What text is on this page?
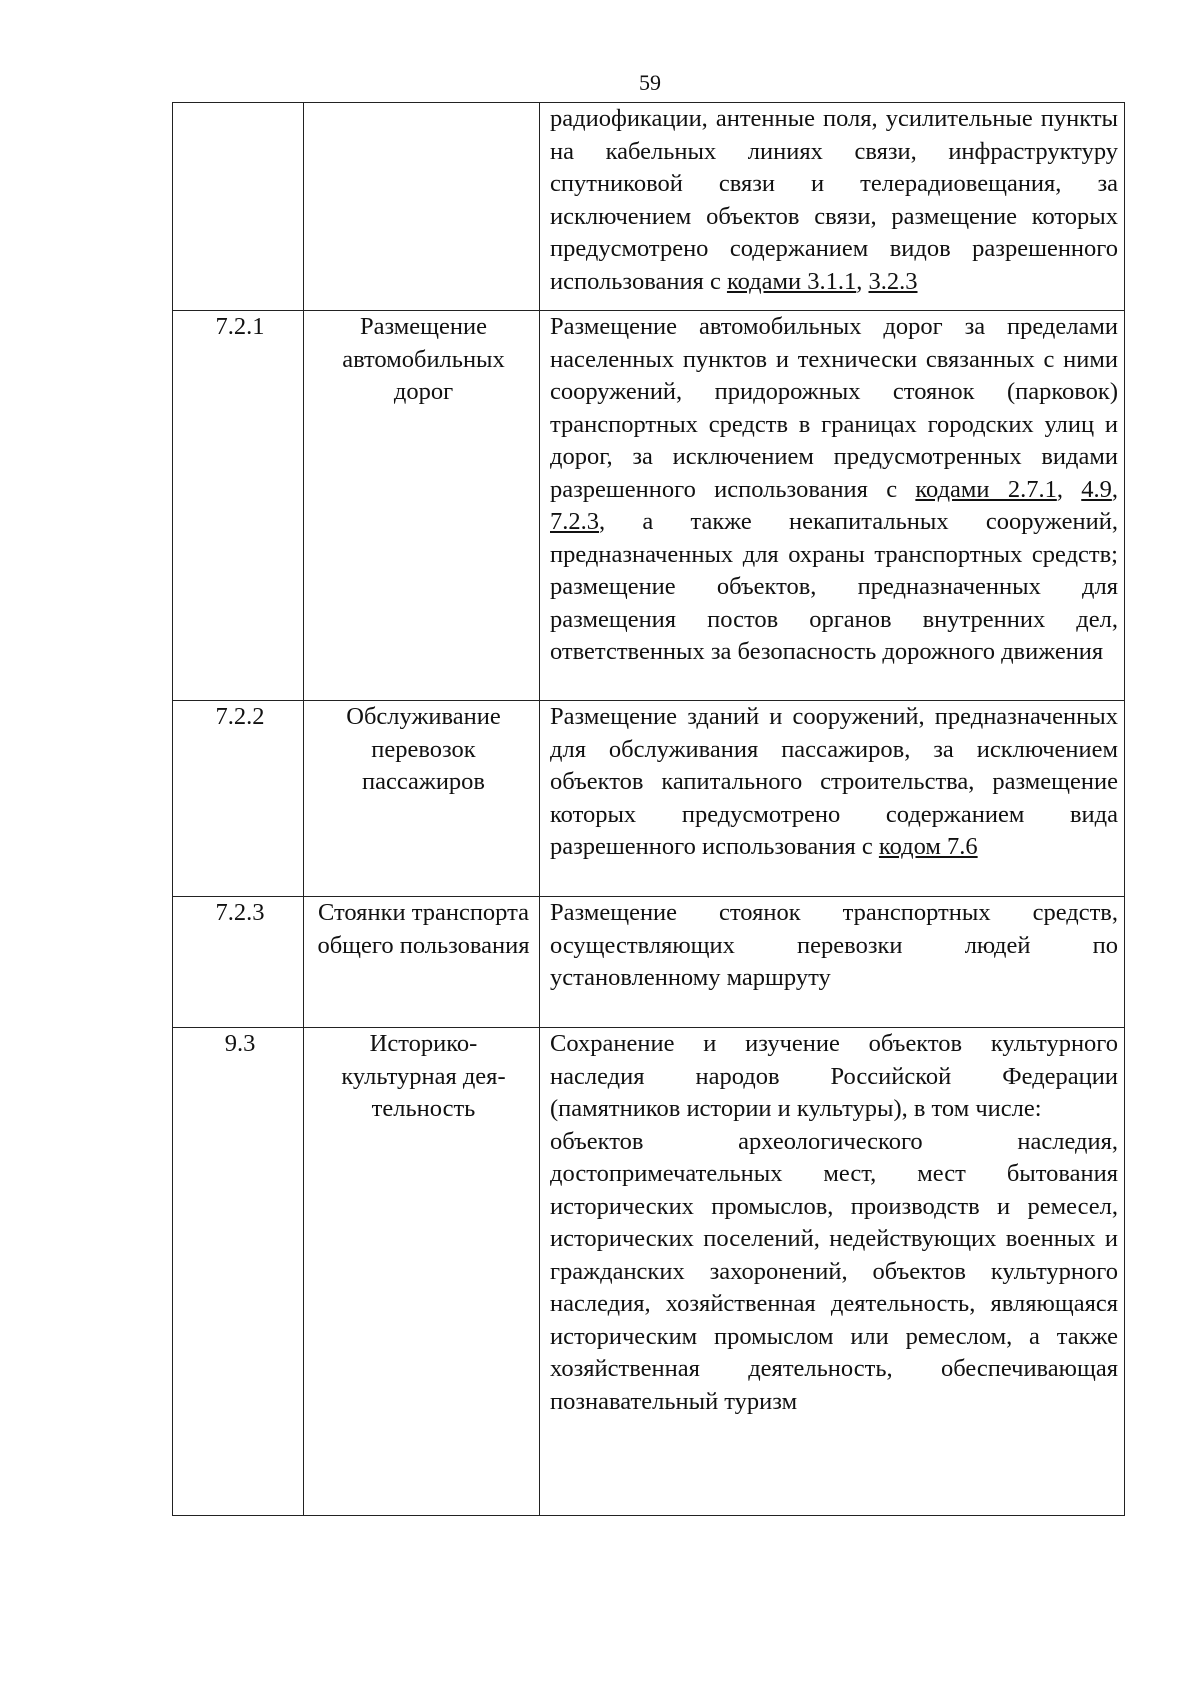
59
		радиофикации, антенные поля, усилительные пункты на кабельных линиях связи, инфраструктуру спутниковой связи и телерадиовещания, за исключением объектов связи, размещение которых предусмотрено содержанием видов разрешенного использования с кодами 3.1.1, 3.2.3
7.2.1	Размещение автомобильных дорог	Размещение автомобильных дорог за пределами населенных пунктов и технически связанных с ними сооружений, придорожных стоянок (парковок) транспортных средств в границах городских улиц и дорог, за исключением предусмотренных видами разрешенного использования с кодами 2.7.1, 4.9, 7.2.3, а также некапитальных сооружений, предназначенных для охраны транспортных средств; размещение объектов, предназначенных для размещения постов органов внутренних дел, ответственных за безопасность дорожного движения
7.2.2	Обслуживание перевозок пассажиров	Размещение зданий и сооружений, предназначенных для обслуживания пассажиров, за исключением объектов капитального строительства, размещение которых предусмотрено содержанием вида разрешенного использования с кодом 7.6
7.2.3	Стоянки транспорта общего пользования	Размещение стоянок транспортных средств, осуществляющих перевозки людей по установленному маршруту
9.3	Историко-культурная дея-тельность	Сохранение и изучение объектов культурного наследия народов Российской Федерации (памятников истории и культуры), в том числе:

объектов археологического наследия, достопримечательных мест, мест бытования исторических промыслов, производств и ремесел, исторических поселений, недействующих военных и гражданских захоронений, объектов культурного наследия, хозяйственная деятельность, являющаяся историческим промыслом или ремеслом, а также хозяйственная деятельность, обеспечивающая познавательный туризм
